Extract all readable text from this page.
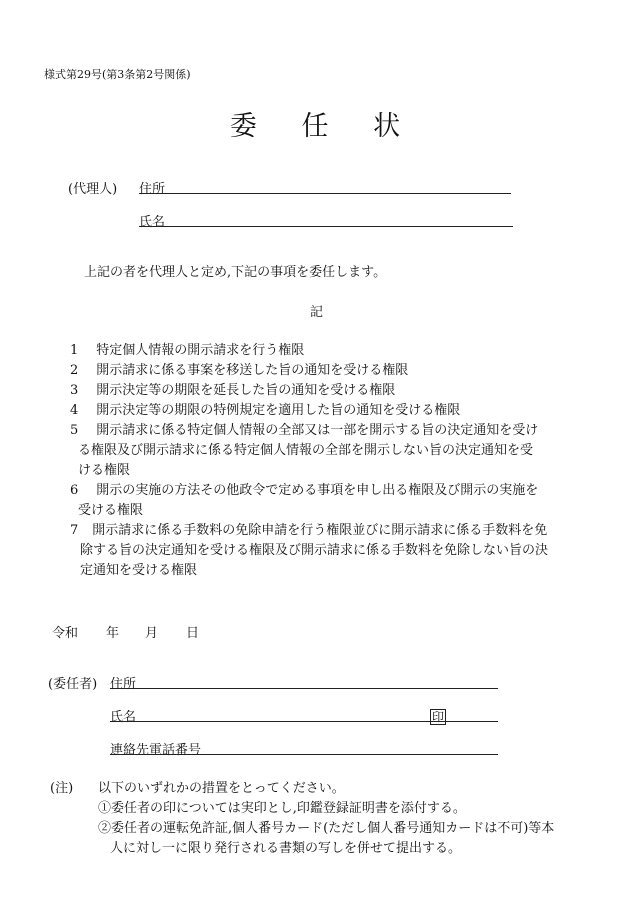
様式第29号(第3条第2号関係)
委 任 状
(代理人) 住所
氏名
上記の者を代理人と定め,下記の事項を委任します。
記
1 特定個人情報の開示請求を行う権限
2 開示請求に係る事案を移送した旨の通知を受ける権限
3 開示決定等の期限を延長した旨の通知を受ける権限
4 開示決定等の期限の特例規定を適用した旨の通知を受ける権限
5 開示請求に係る特定個人情報の全部又は一部を開示する旨の決定通知を受け
る権限及び開示請求に係る特定個人情報の全部を開示しない旨の決定通知を受
ける権限
6 開示の実施の方法その他政令で定める事項を申し出る権限及び開示の実施を
受ける権限
7 開示請求に係る手数料の免除申請を行う権限並びに開示請求に係る手数料を免
除する旨の決定通知を受ける権限及び開示請求に係る手数料を免除しない旨の決
定通知を受ける権限
令和 年 月 日
(委任者) 住所
氏名	印
連絡先電話番号
(注) 以下のいずれかの措置をとってください。
①委任者の印については実印とし,印鑑登録証明書を添付する。
②委任者の運転免許証,個人番号カード(ただし個人番号通知カードは不可)等本
人に対し一に限り発行される書類の写しを併せて提出する。
